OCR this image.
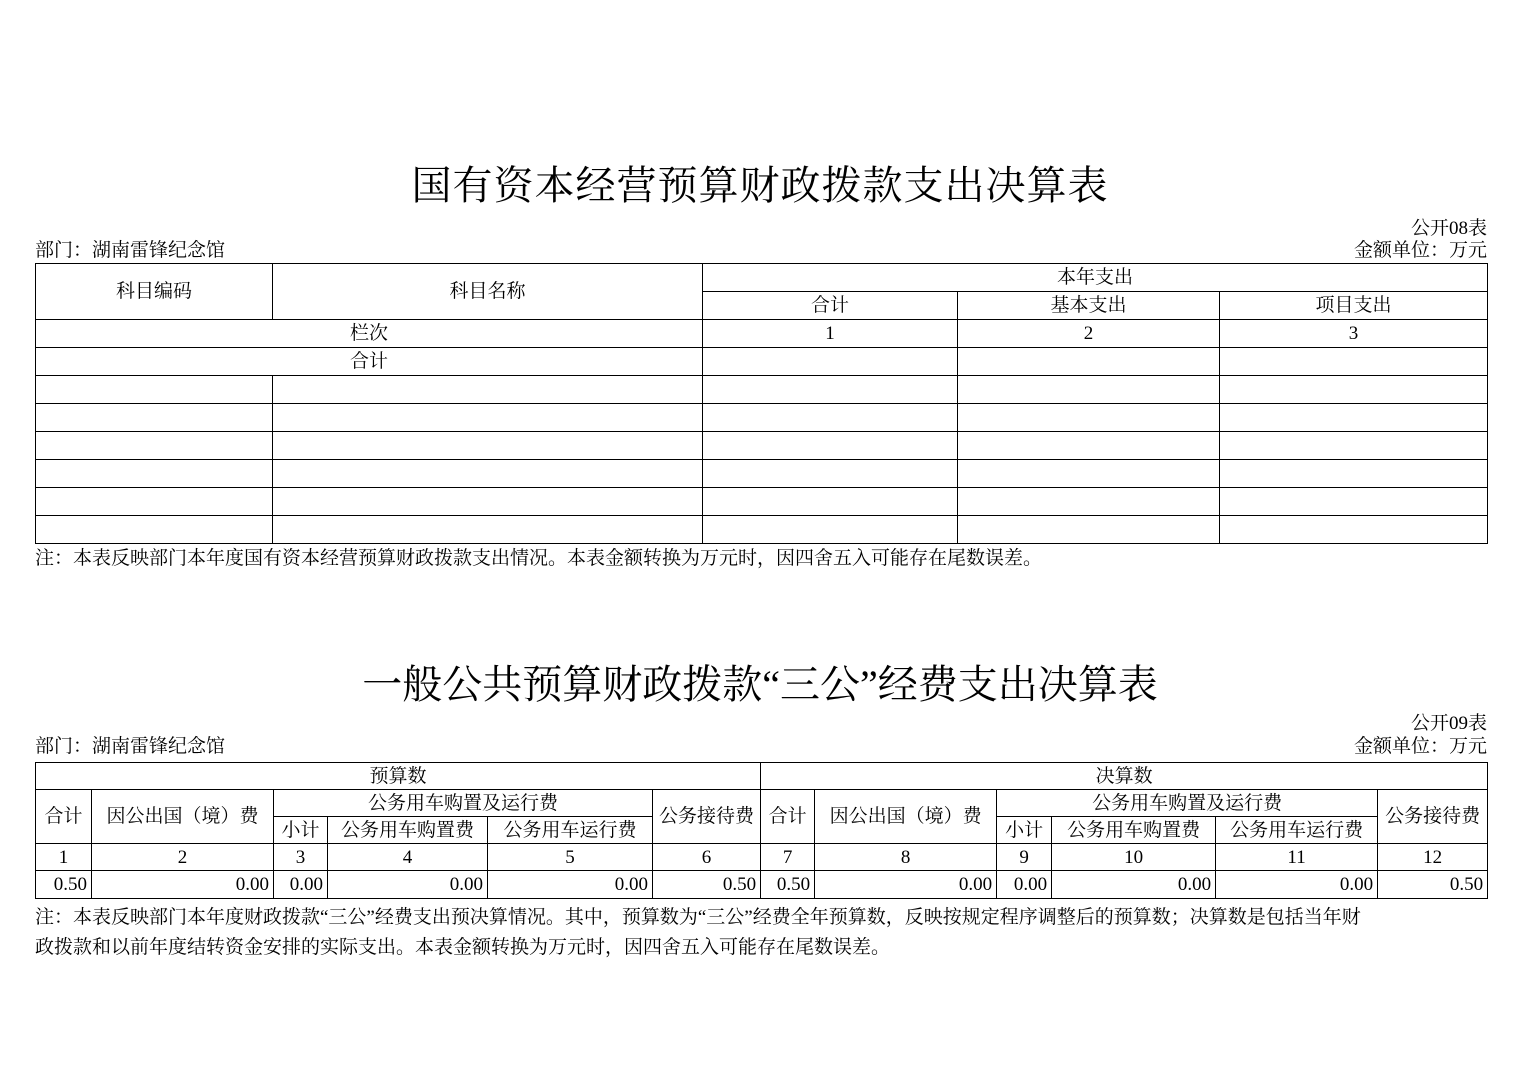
国有资本经营预算财政拨款支出决算表
公开08表
部门：湖南雷锋纪念馆	金额单位：万元
科目编码	科目名称	本年支出		
		合计	基本支出	项目支出
栏次		1	2	3
合计				

注：本表反映部门本年度国有资本经营预算财政拨款支出情况。本表金额转换为万元时，因四舍五入可能存在尾数误差。
一般公共预算财政拨款“三公”经费支出决算表
公开09表
部门：湖南雷锋纪念馆	金额单位：万元
预算数						决算数					
合计	因公出国（境）费	公务用车购置及运行费			公务接待费	合计	因公出国（境）费	公务用车购置及运行费			公务接待费
		小计	公务用车购置费	公务用车运行费				小计	公务用车购置费	公务用车运行费	
1	2	3	4	5	6	7	8	9	10	11	12
0.50	0.00	0.00	0.00	0.00	0.50	0.50	0.00	0.00	0.00	0.00	0.50
注：本表反映部门本年度财政拨款“三公”经费支出预决算情况。其中，预算数为“三公”经费全年预算数，反映按规定程序调整后的预算数；决算数是包括当年财
政拨款和以前年度结转资金安排的实际支出。本表金额转换为万元时，因四舍五入可能存在尾数误差。
